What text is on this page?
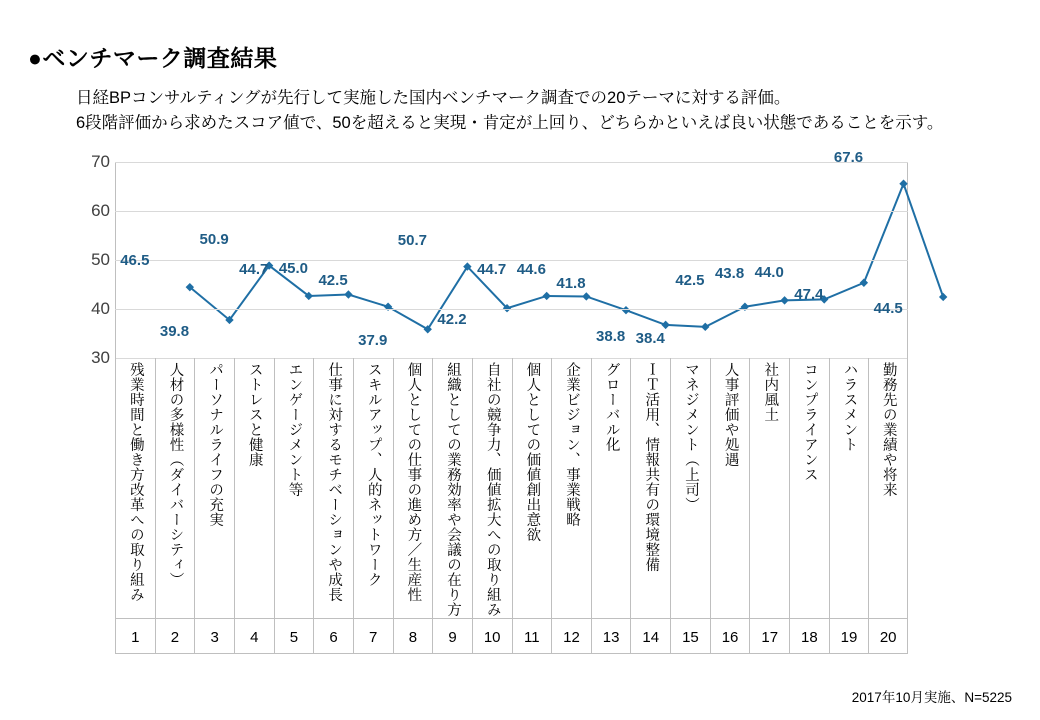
●ベンチマーク調査結果
日経BPコンサルティングが先行して実施した国内ベンチマーク調査での20テーマに対する評価。
6段階評価から求めたスコア値で、50を超えると実現・肯定が上回り、どちらかといえば良い状態であることを示す。
30
40
50
60
70
46.5
39.8
50.9
44.7 45.0
42.5
37.9
50.7
42.2
44.7 44.6
41.8
38.8 38.4
42.5 43.8 44.0
47.4
67.6
44.5
残業時間と働き方改革への取り組み
1
人材の多様性（ダイバーシティ）
2
パーソナルライフの充実
3
ストレスと健康
4
エンゲージメント等
5
仕事に対するモチベーションや成長
6
スキルアップ、人的ネットワーク
7
個人としての仕事の進め方／生産性
8
組織としての業務効率や会議の在り方
9
自社の競争力、価値拡大への取り組み
10
個人としての価値創出意欲
11
企業ビジョン、事業戦略
12
グローバル化
13
ＩＴ活用、情報共有の環境整備
14
マネジメント（上司）
15
人事評価や処遇
16
社内風土
17
コンプライアンス
18
ハラスメント
19
勤務先の業績や将来
20
2017年10月実施、N=5225
